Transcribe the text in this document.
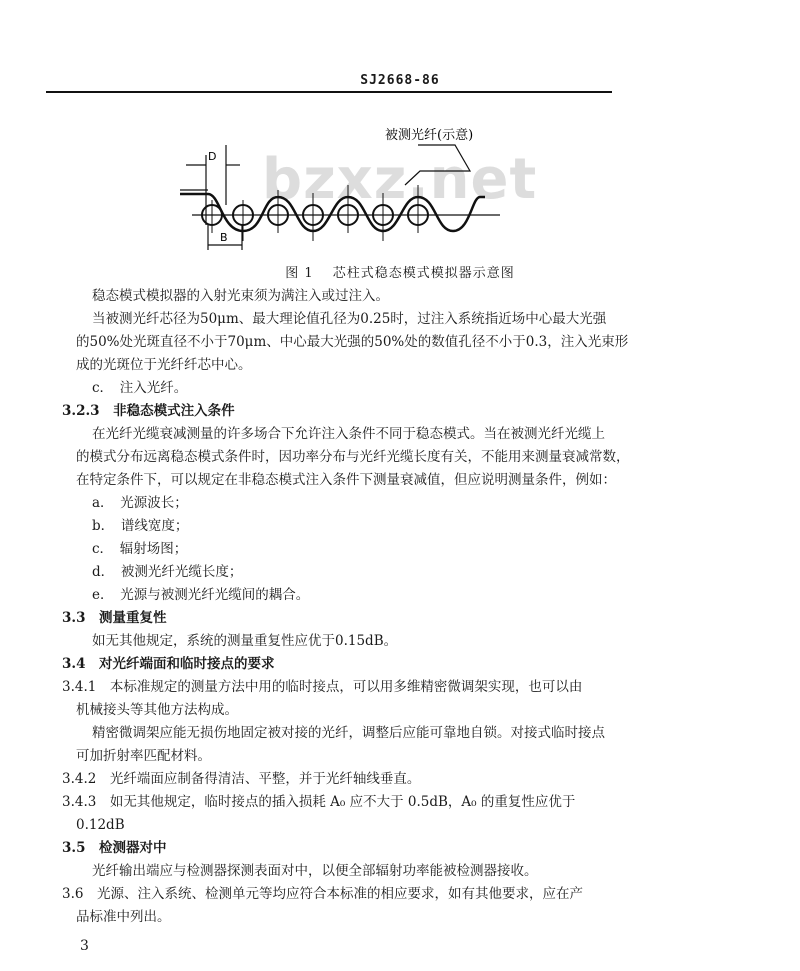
SJ2668-86
bzxz.net
D
B
被测光纤(示意)
图 1　 芯柱式稳态模式模拟器示意图
稳态模式模拟器的入射光束须为满注入或过注入。
当被测光纤芯径为50μm、最大理论值孔径为0.25时，过注入系统指近场中心最大光强
的50%处光斑直径不小于70μm、中心最大光强的50%处的数值孔径不小于0.3，注入光束形
成的光斑位于光纤纤芯中心。
c．　注入光纤。
3.2.3　非稳态模式注入条件
在光纤光缆衰减测量的许多场合下允许注入条件不同于稳态模式。当在被测光纤光缆上
的模式分布远离稳态模式条件时，因功率分布与光纤光缆长度有关，不能用来测量衰减常数，
在特定条件下，可以规定在非稳态模式注入条件下测量衰减值，但应说明测量条件，例如：
a．　光源波长；
b．　谱线宽度；
c．　辐射场图；
d．　被测光纤光缆长度；
e．　光源与被测光纤光缆间的耦合。
3.3　测量重复性
如无其他规定，系统的测量重复性应优于0.15dB。
3.4　对光纤端面和临时接点的要求
3.4.1　本标准规定的测量方法中用的临时接点，可以用多维精密微调架实现，也可以由
机械接头等其他方法构成。
精密微调架应能无损伤地固定被对接的光纤，调整后应能可靠地自锁。对接式临时接点
可加折射率匹配材料。
3.4.2　光纤端面应制备得清洁、平整，并于光纤轴线垂直。
3.4.3　如无其他规定，临时接点的插入损耗 A₀ 应不大于 0.5dB，A₀ 的重复性应优于
0.12dB
3.5　检测器对中
光纤输出端应与检测器探测表面对中，以便全部辐射功率能被检测器接收。
3.6　光源、注入系统、检测单元等均应符合本标准的相应要求，如有其他要求，应在产
品标准中列出。
3
